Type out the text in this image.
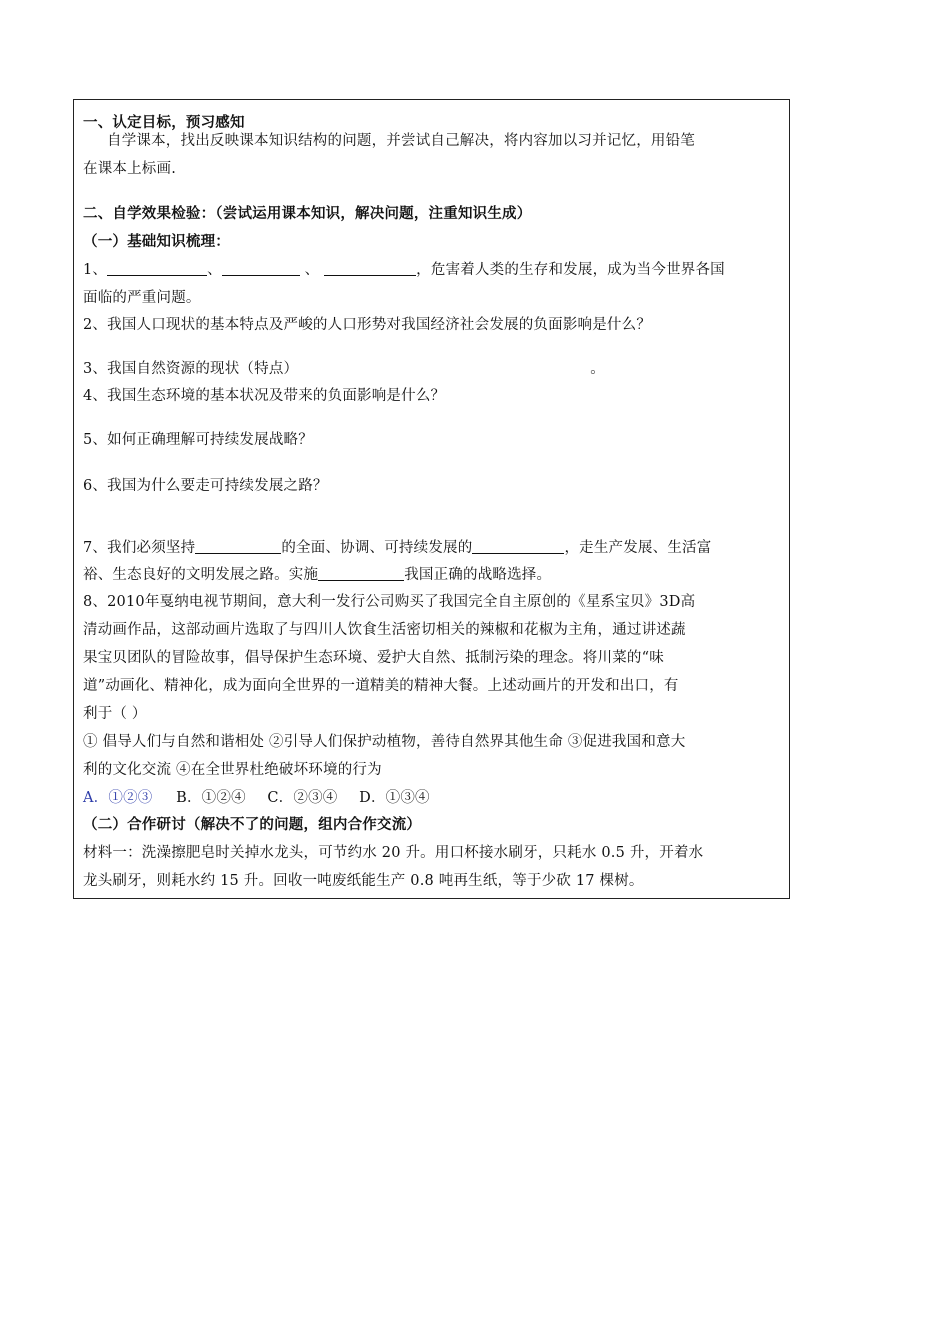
一、认定目标，预习感知
自学课本，找出反映课本知识结构的问题，并尝试自己解决，将内容加以习并记忆，用铅笔
在课本上标画.
二、自学效果检验：（尝试运用课本知识，解决问题，注重知识生成）
（一）基础知识梳理：
1、	、	、	，危害着人类的生存和发展，成为当今世界各国
面临的严重问题。
2、我国人口现状的基本特点及严峻的人口形势对我国经济社会发展的负面影响是什么？
3、我国自然资源的现状（特点）	。
4、我国生态环境的基本状况及带来的负面影响是什么？
5、如何正确理解可持续发展战略？
6、我国为什么要走可持续发展之路？
7、我们必须坚持	的全面、协调、可持续发展的	，走生产发展、生活富
裕、生态良好的文明发展之路。实施	我国正确的战略选择。
8、2010年戛纳电视节期间，意大利一发行公司购买了我国完全自主原创的《星系宝贝》3D高
清动画作品，这部动画片选取了与四川人饮食生活密切相关的辣椒和花椒为主角，通过讲述蔬
果宝贝团队的冒险故事，倡导保护生态环境、爱护大自然、抵制污染的理念。将川菜的“味
道”动画化、精神化，成为面向全世界的一道精美的精神大餐。上述动画片的开发和出口，有
利于（ ）
① 倡导人们与自然和谐相处 ②引导人们保护动植物，善待自然界其他生命 ③促进我国和意大
利的文化交流 ④在全世界杜绝破坏环境的行为
A．①②③ B．①②④ C．②③④ D．①③④
（二）合作研讨（解决不了的问题，组内合作交流）
材料一：洗澡擦肥皂时关掉水龙头，可节约水 20 升。用口杯接水刷牙，只耗水 0.5 升，开着水
龙头刷牙，则耗水约 15 升。回收一吨废纸能生产 0.8 吨再生纸，等于少砍 17 棵树。
